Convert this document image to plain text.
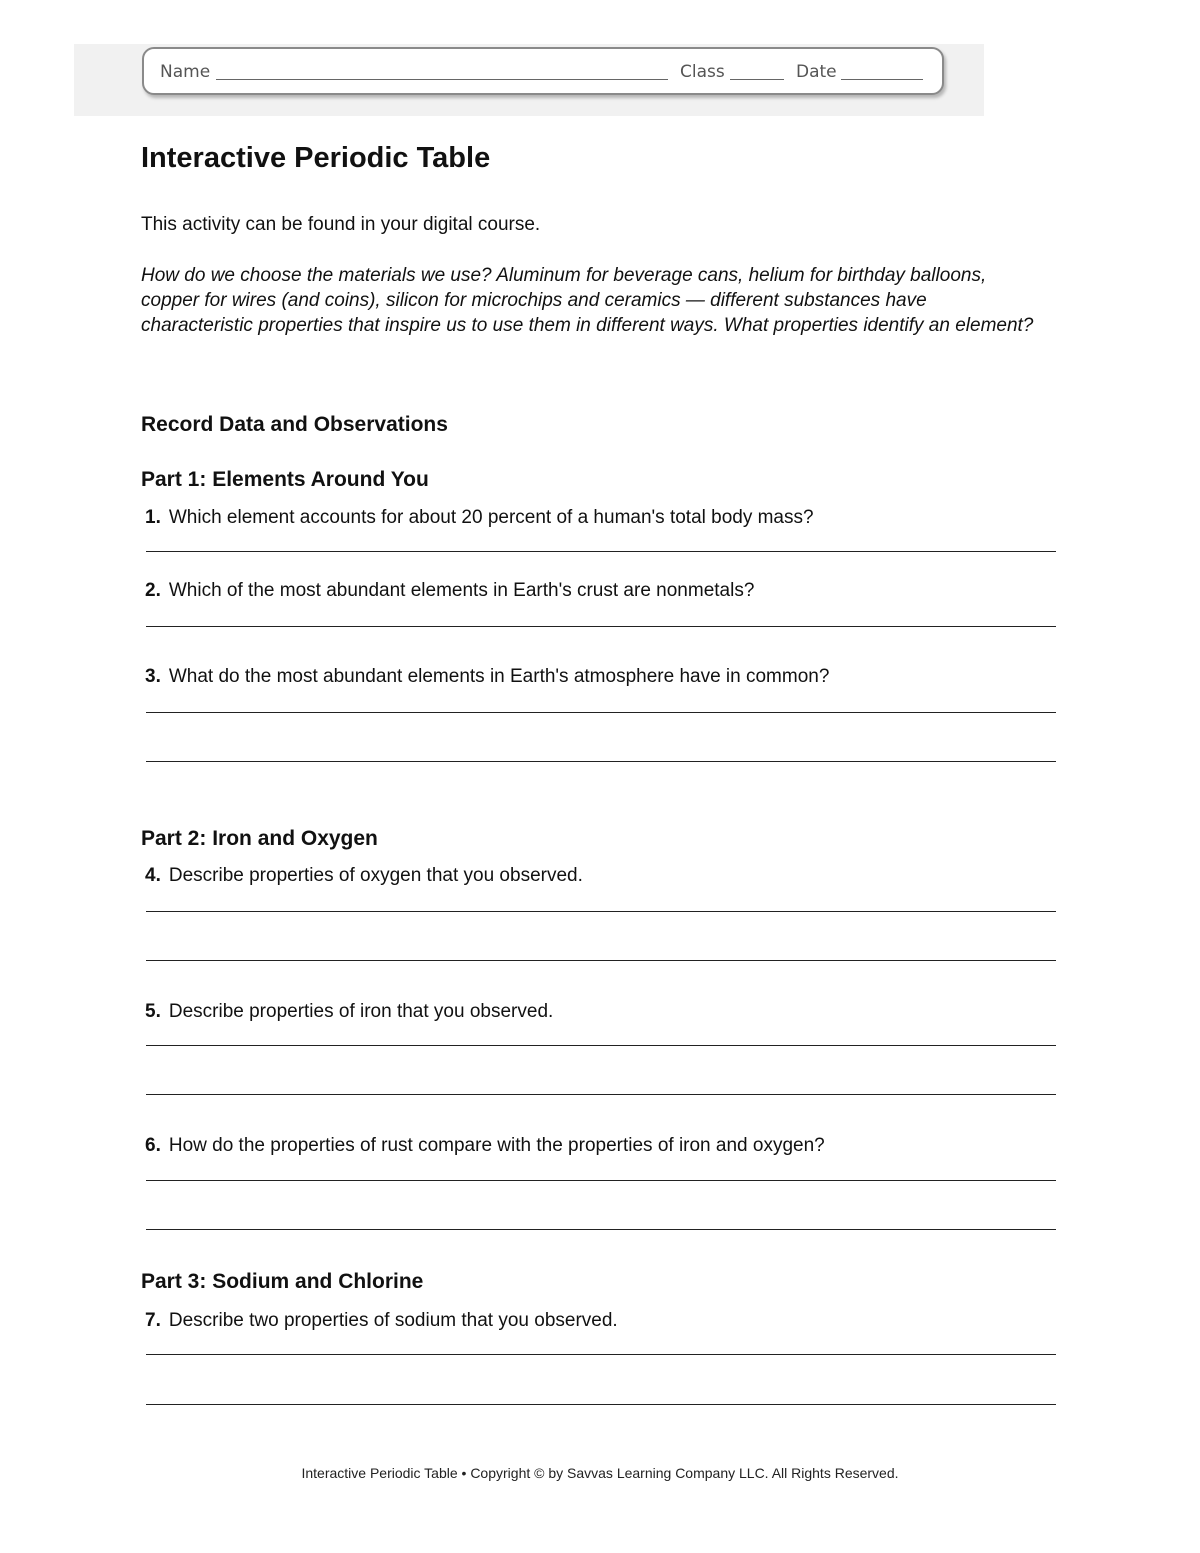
Name	Class	Date
Interactive Periodic Table

This activity can be found in your digital course.

How do we choose the materials we use? Aluminum for beverage cans, helium for birthday balloons, copper for wires (and coins), silicon for microchips and ceramics — different substances have characteristic properties that inspire us to use them in different ways. What properties identify an element?

Record Data and Observations
Part 1: Elements Around You

1. Which element accounts for about 20 percent of a human's total body mass?

2. Which of the most abundant elements in Earth's crust are nonmetals?

3. What do the most abundant elements in Earth's atmosphere have in common?

Part 2: Iron and Oxygen

4. Describe properties of oxygen that you observed.

5. Describe properties of iron that you observed.

6. How do the properties of rust compare with the properties of iron and oxygen?

Part 3: Sodium and Chlorine

7. Describe two properties of sodium that you observed.

Interactive Periodic Table • Copyright © by Savvas Learning Company LLC. All Rights Reserved.
